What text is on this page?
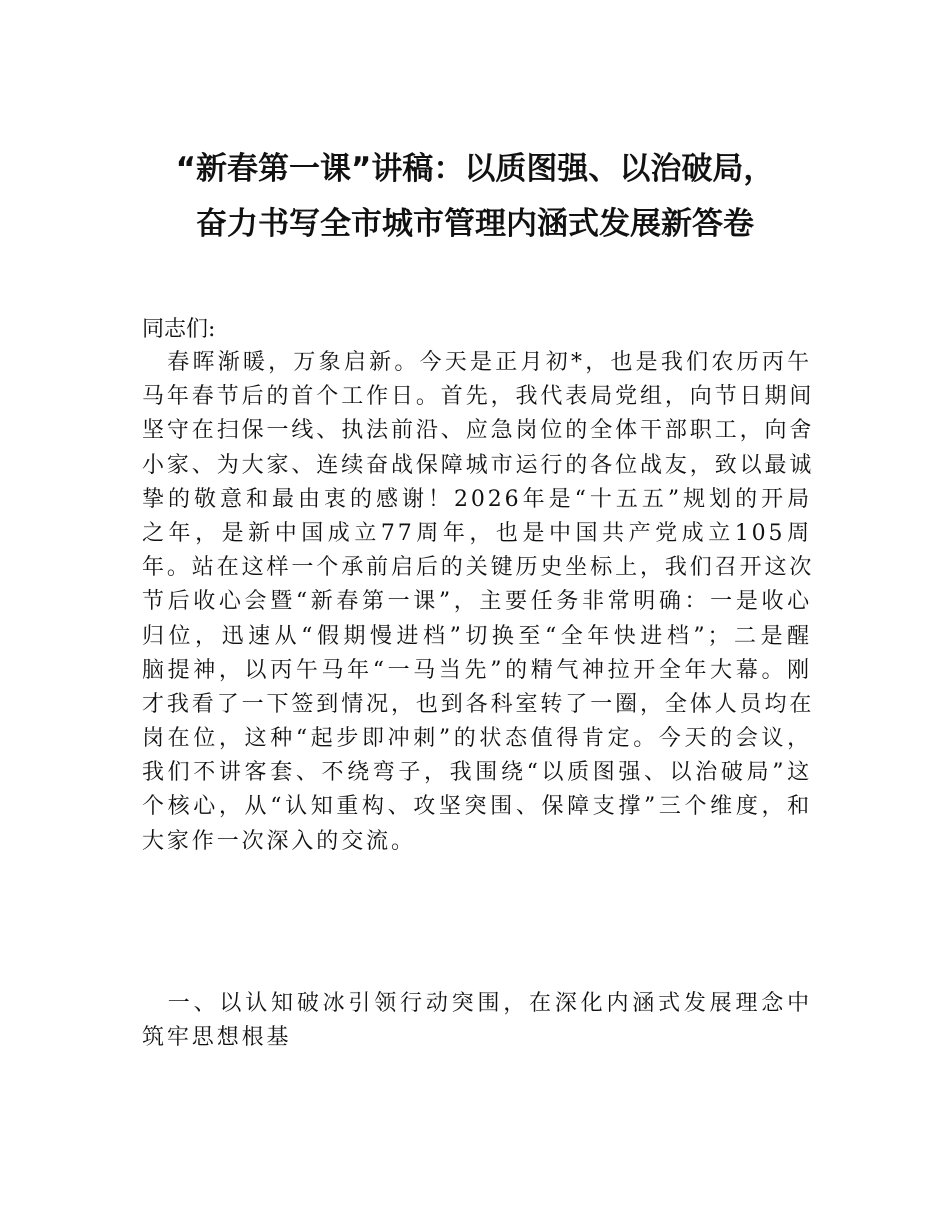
“新春第一课”讲稿：以质图强、以治破局，
奋力书写全市城市管理内涵式发展新答卷
同志们:
　春晖渐暖，万象启新。今天是正月初*，也是我们农历丙午
马年春节后的首个工作日。首先，我代表局党组，向节日期间
坚守在扫保一线、执法前沿、应急岗位的全体干部职工，向舍
小家、为大家、连续奋战保障城市运行的各位战友，致以最诚
挚的敬意和最由衷的感谢！2026年是“十五五”规划的开局
之年，是新中国成立77周年，也是中国共产党成立105周
年。站在这样一个承前启后的关键历史坐标上，我们召开这次
节后收心会暨“新春第一课”，主要任务非常明确：一是收心
归位，迅速从“假期慢进档”切换至“全年快进档”；二是醒
脑提神，以丙午马年“一马当先”的精气神拉开全年大幕。刚
才我看了一下签到情况，也到各科室转了一圈，全体人员均在
岗在位，这种“起步即冲刺”的状态值得肯定。今天的会议，
我们不讲客套、不绕弯子，我围绕“以质图强、以治破局”这
个核心，从“认知重构、攻坚突围、保障支撑”三个维度，和
大家作一次深入的交流。
　一、以认知破冰引领行动突围，在深化内涵式发展理念中
筑牢思想根基
